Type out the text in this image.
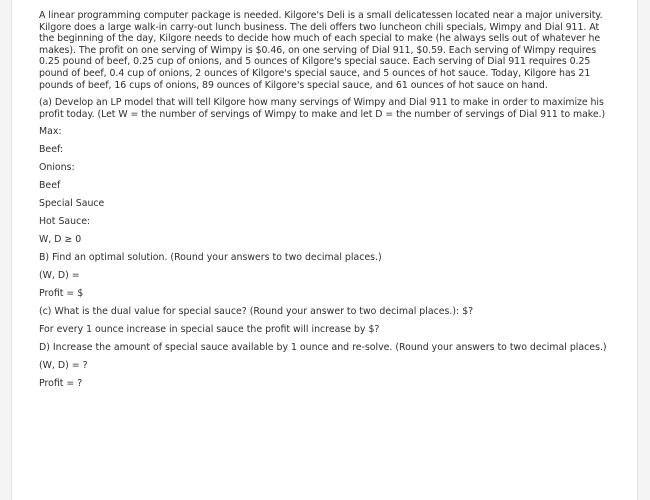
A linear programming computer package is needed. Kilgore's Deli is a small delicatessen located near a major university. Kilgore does a large walk-in carry-out lunch business. The deli offers two luncheon chili specials, Wimpy and Dial 911. At the beginning of the day, Kilgore needs to decide how much of each special to make (he always sells out of whatever he makes). The profit on one serving of Wimpy is $0.46, on one serving of Dial 911, $0.59. Each serving of Wimpy requires 0.25 pound of beef, 0.25 cup of onions, and 5 ounces of Kilgore's special sauce. Each serving of Dial 911 requires 0.25 pound of beef, 0.4 cup of onions, 2 ounces of Kilgore's special sauce, and 5 ounces of hot sauce. Today, Kilgore has 21 pounds of beef, 16 cups of onions, 89 ounces of Kilgore's special sauce, and 61 ounces of hot sauce on hand.

(a) Develop an LP model that will tell Kilgore how many servings of Wimpy and Dial 911 to make in order to maximize his profit today. (Let W = the number of servings of Wimpy to make and let D = the number of servings of Dial 911 to make.)

Max:

Beef:

Onions:

Beef

Special Sauce

Hot Sauce:

W, D ≥ 0

B) Find an optimal solution. (Round your answers to two decimal places.)

(W, D) =

Profit = $

(c) What is the dual value for special sauce? (Round your answer to two decimal places.): $?

For every 1 ounce increase in special sauce the profit will increase by $?

D) Increase the amount of special sauce available by 1 ounce and re-solve. (Round your answers to two decimal places.)

(W, D) = ?

Profit = ?
